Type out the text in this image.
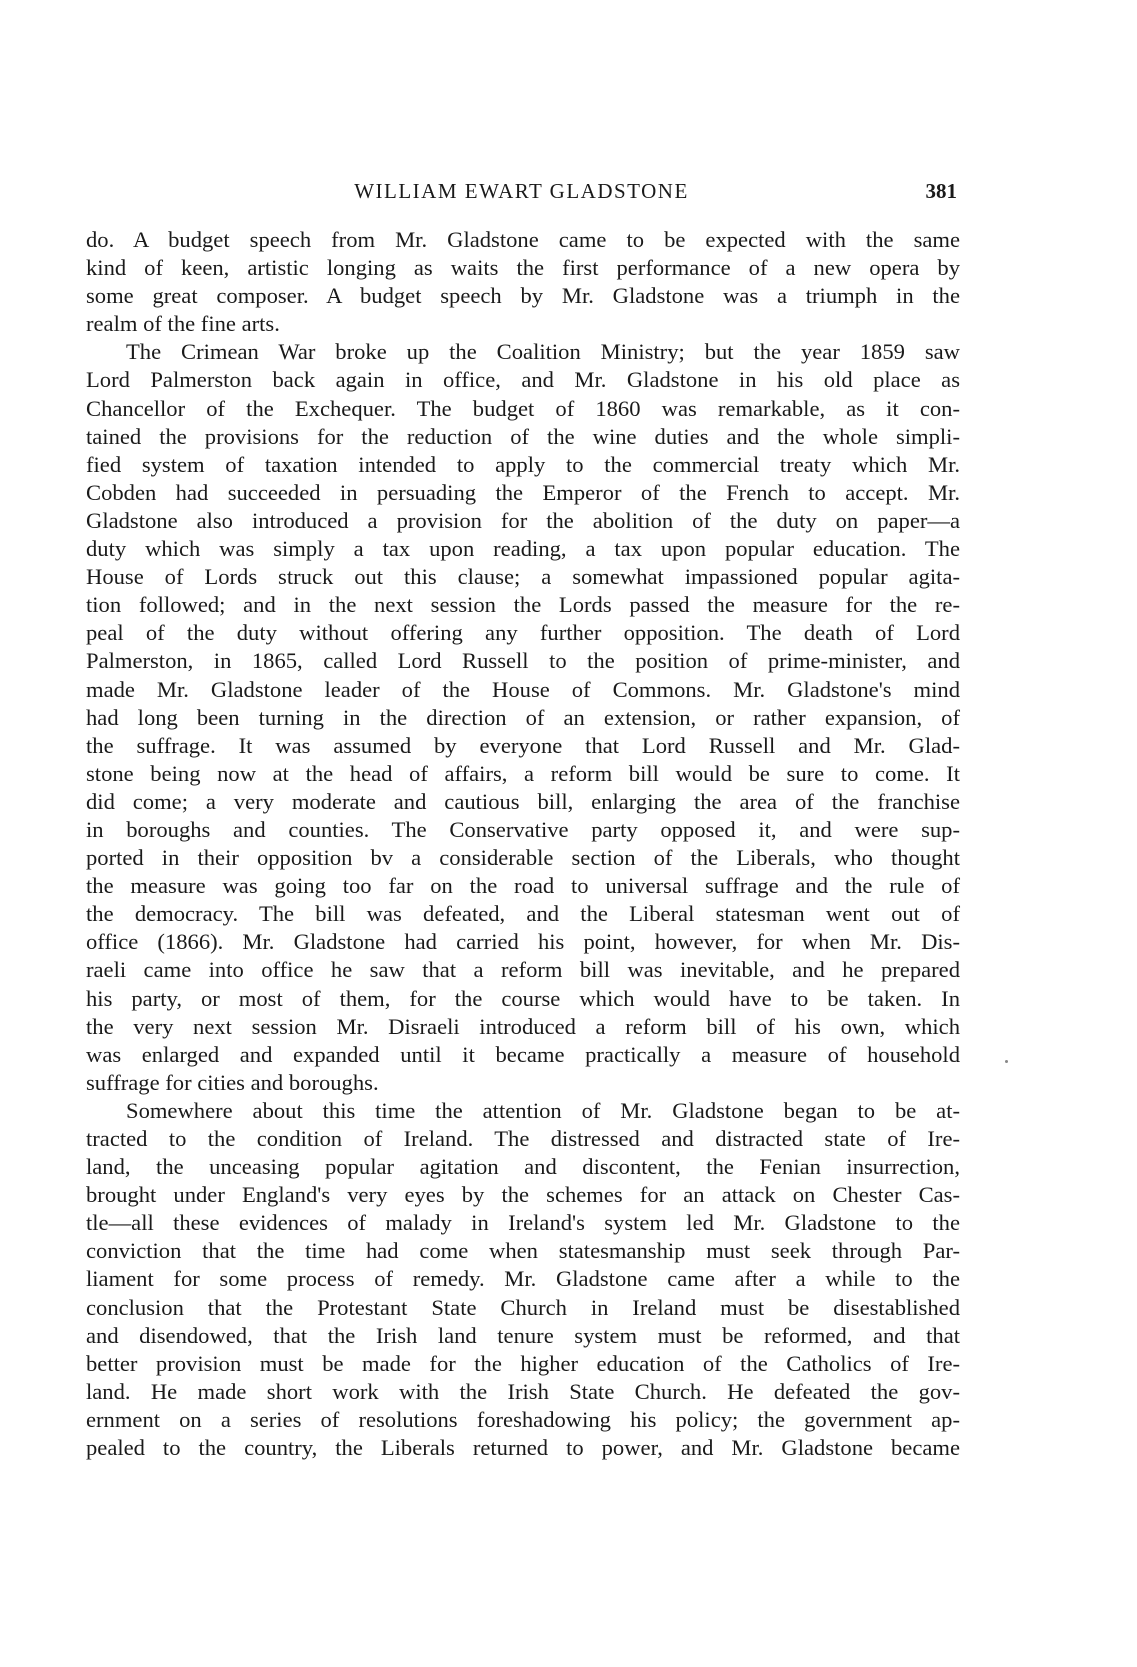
WILLIAM EWART GLADSTONE	381
do. A budget speech from Mr. Gladstone came to be expected with the same
kind of keen, artistic longing as waits the first performance of a new opera by
some great composer. A budget speech by Mr. Gladstone was a triumph in the
realm of the fine arts.
The Crimean War broke up the Coalition Ministry; but the year 1859 saw
Lord Palmerston back again in office, and Mr. Gladstone in his old place as
Chancellor of the Exchequer. The budget of 1860 was remarkable, as it con-
tained the provisions for the reduction of the wine duties and the whole simpli-
fied system of taxation intended to apply to the commercial treaty which Mr.
Cobden had succeeded in persuading the Emperor of the French to accept. Mr.
Gladstone also introduced a provision for the abolition of the duty on paper—a
duty which was simply a tax upon reading, a tax upon popular education. The
House of Lords struck out this clause; a somewhat impassioned popular agita-
tion followed; and in the next session the Lords passed the measure for the re-
peal of the duty without offering any further opposition. The death of Lord
Palmerston, in 1865, called Lord Russell to the position of prime-minister, and
made Mr. Gladstone leader of the House of Commons. Mr. Gladstone's mind
had long been turning in the direction of an extension, or rather expansion, of
the suffrage. It was assumed by everyone that Lord Russell and Mr. Glad-
stone being now at the head of affairs, a reform bill would be sure to come. It
did come; a very moderate and cautious bill, enlarging the area of the franchise
in boroughs and counties. The Conservative party opposed it, and were sup-
ported in their opposition bv a considerable section of the Liberals, who thought
the measure was going too far on the road to universal suffrage and the rule of
the democracy. The bill was defeated, and the Liberal statesman went out of
office (1866). Mr. Gladstone had carried his point, however, for when Mr. Dis-
raeli came into office he saw that a reform bill was inevitable, and he prepared
his party, or most of them, for the course which would have to be taken. In
the very next session Mr. Disraeli introduced a reform bill of his own, which
was enlarged and expanded until it became practically a measure of household
suffrage for cities and boroughs.
Somewhere about this time the attention of Mr. Gladstone began to be at-
tracted to the condition of Ireland. The distressed and distracted state of Ire-
land, the unceasing popular agitation and discontent, the Fenian insurrection,
brought under England's very eyes by the schemes for an attack on Chester Cas-
tle—all these evidences of malady in Ireland's system led Mr. Gladstone to the
conviction that the time had come when statesmanship must seek through Par-
liament for some process of remedy. Mr. Gladstone came after a while to the
conclusion that the Protestant State Church in Ireland must be disestablished
and disendowed, that the Irish land tenure system must be reformed, and that
better provision must be made for the higher education of the Catholics of Ire-
land. He made short work with the Irish State Church. He defeated the gov-
ernment on a series of resolutions foreshadowing his policy; the government ap-
pealed to the country, the Liberals returned to power, and Mr. Gladstone became
